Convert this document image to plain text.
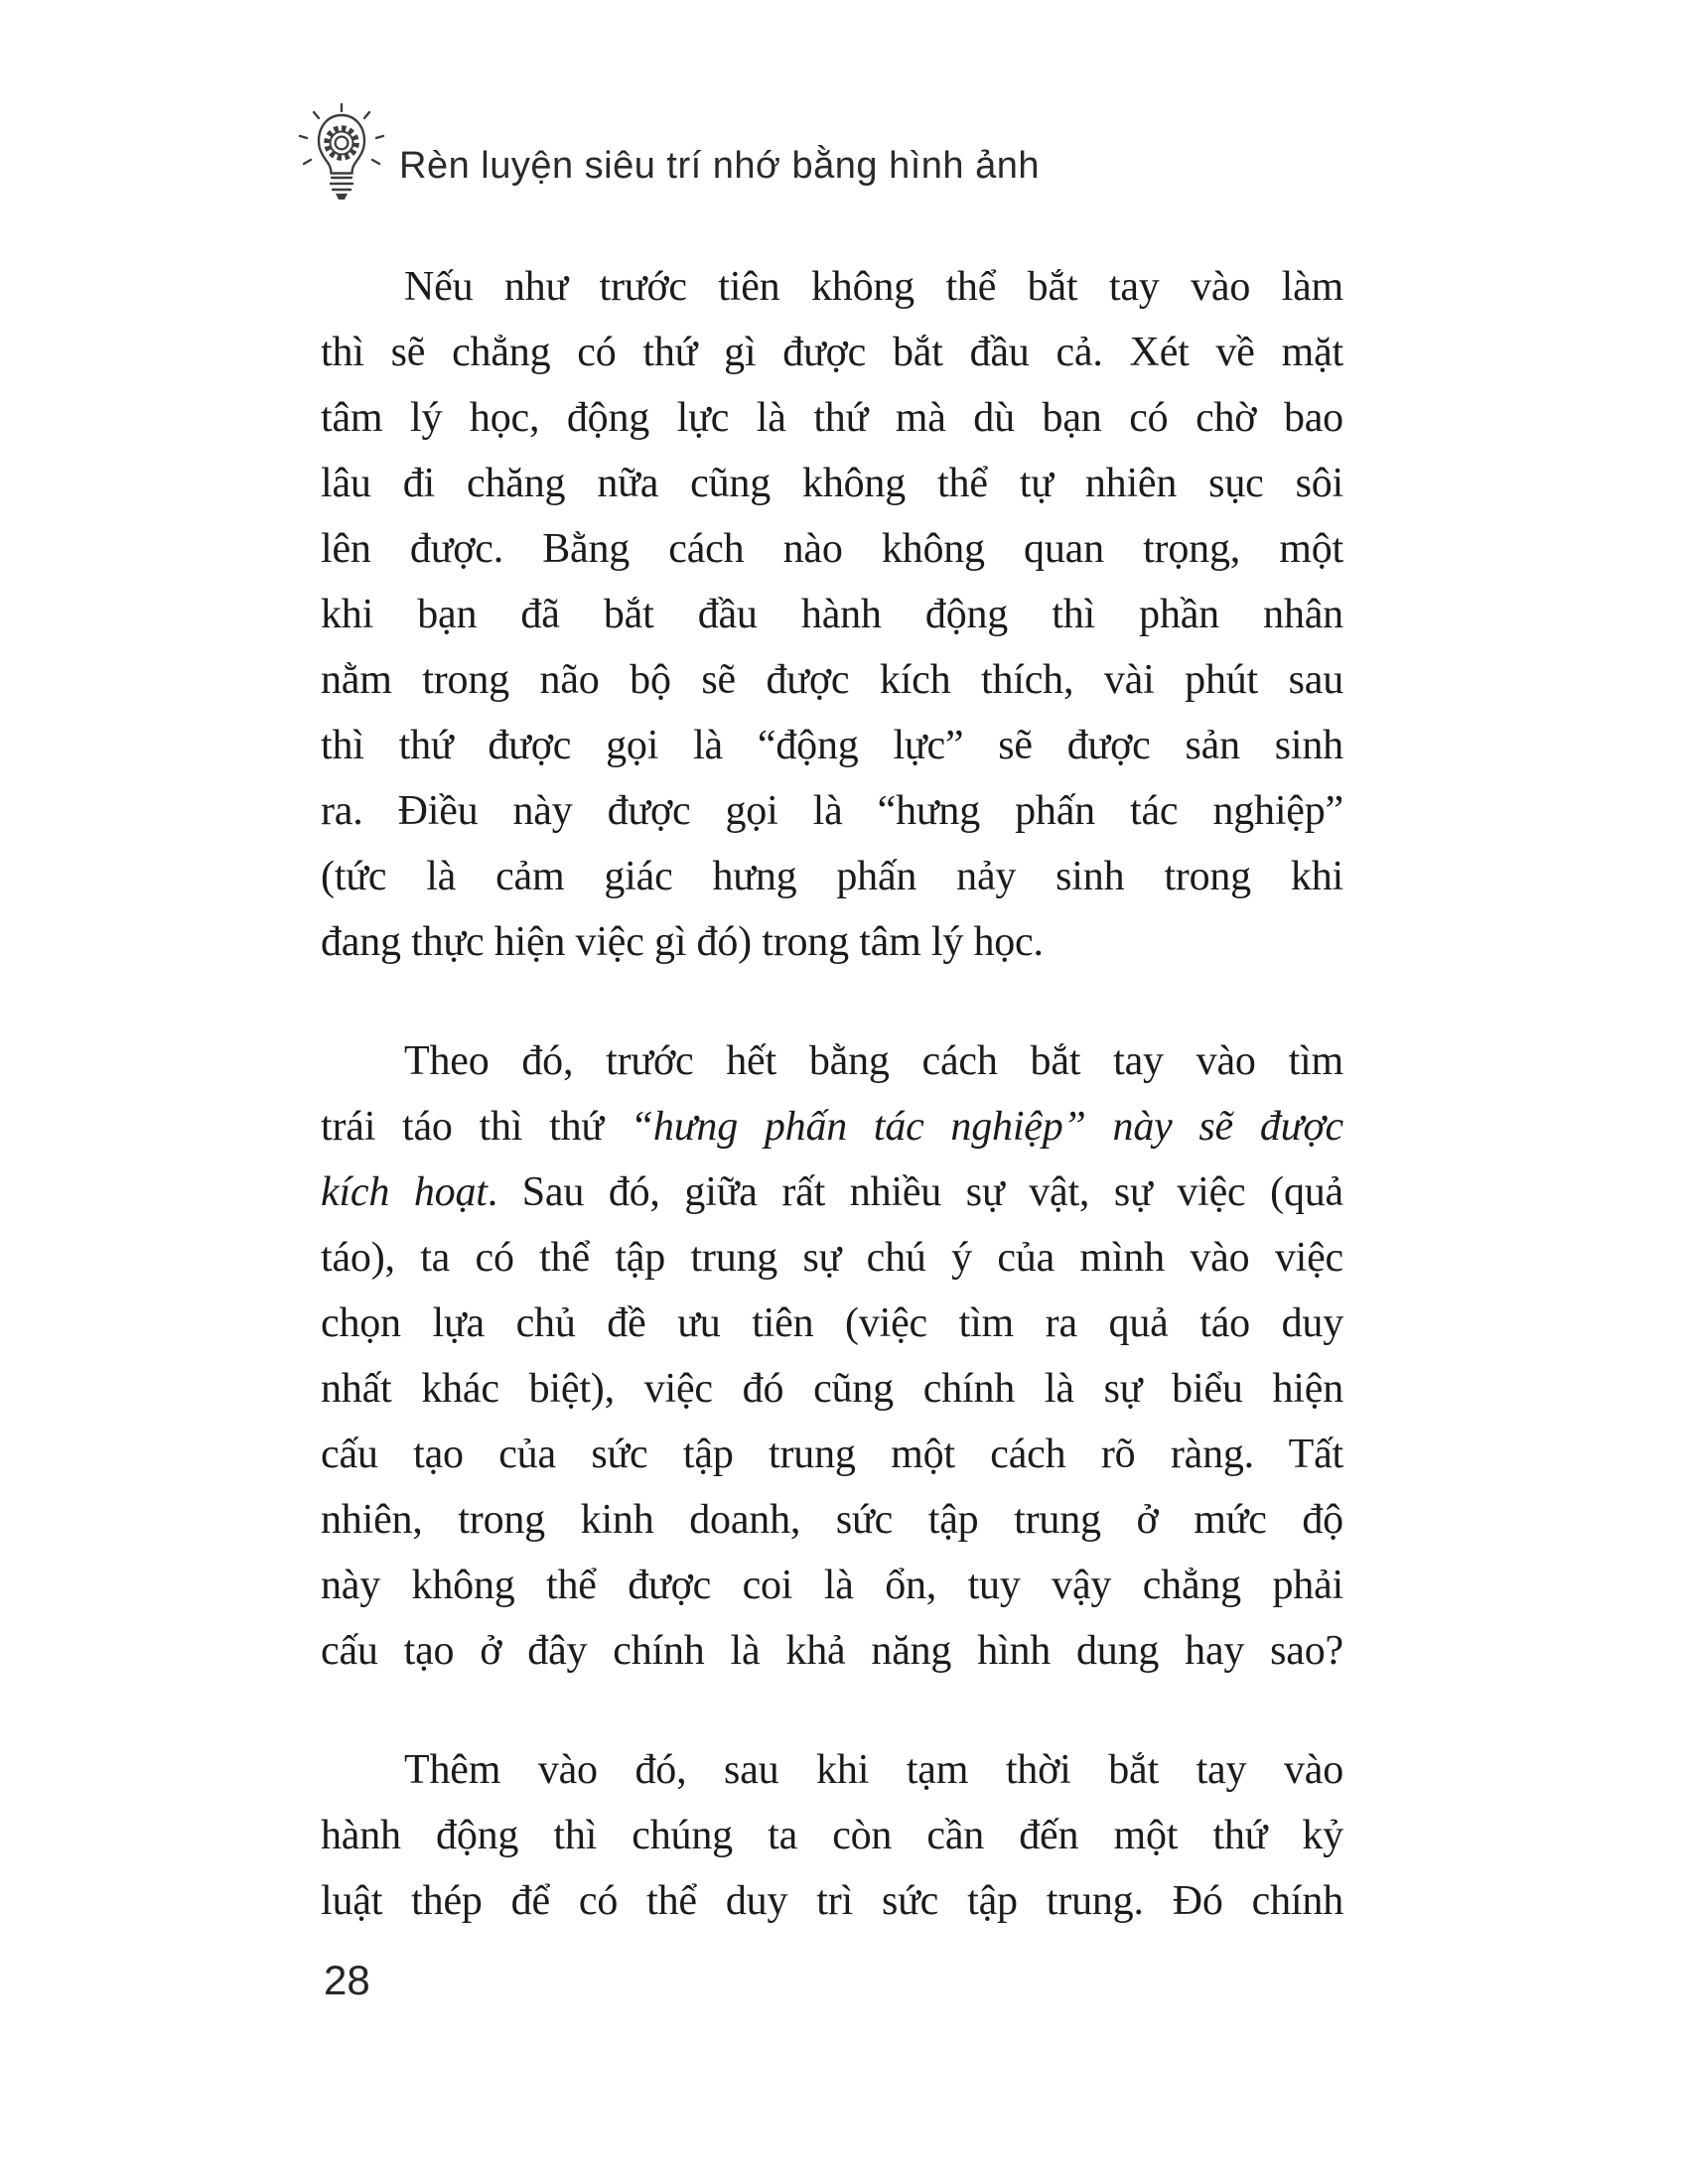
Rèn luyện siêu trí nhớ bằng hình ảnh
Nếu như trước tiên không thể bắt tay vào làm
thì sẽ chẳng có thứ gì được bắt đầu cả. Xét về mặt
tâm lý học, động lực là thứ mà dù bạn có chờ bao
lâu đi chăng nữa cũng không thể tự nhiên sục sôi
lên được. Bằng cách nào không quan trọng, một
khi bạn đã bắt đầu hành động thì phần nhân
nằm trong não bộ sẽ được kích thích, vài phút sau
thì thứ được gọi là “động lực” sẽ được sản sinh
ra. Điều này được gọi là “hưng phấn tác nghiệp”
(tức là cảm giác hưng phấn nảy sinh trong khi
đang thực hiện việc gì đó) trong tâm lý học.
Theo đó, trước hết bằng cách bắt tay vào tìm
trái táo thì thứ “hưng phấn tác nghiệp” này sẽ được
kích hoạt. Sau đó, giữa rất nhiều sự vật, sự việc (quả
táo), ta có thể tập trung sự chú ý của mình vào việc
chọn lựa chủ đề ưu tiên (việc tìm ra quả táo duy
nhất khác biệt), việc đó cũng chính là sự biểu hiện
cấu tạo của sức tập trung một cách rõ ràng. Tất
nhiên, trong kinh doanh, sức tập trung ở mức độ
này không thể được coi là ổn, tuy vậy chẳng phải
cấu tạo ở đây chính là khả năng hình dung hay sao?
Thêm vào đó, sau khi tạm thời bắt tay vào
hành động thì chúng ta còn cần đến một thứ kỷ
luật thép để có thể duy trì sức tập trung. Đó chính
28
